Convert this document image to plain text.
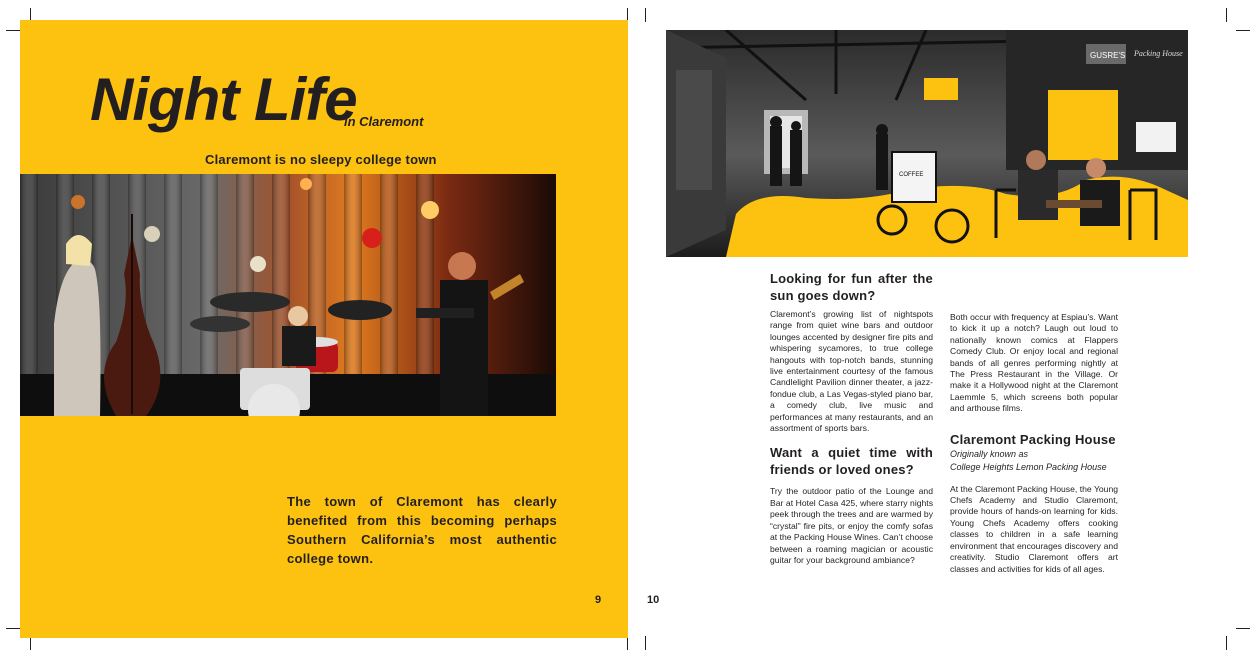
Night Life
in Claremont
Claremont is no sleepy college town
The town of Claremont has clearly benefited from this becoming perhaps Southern California’s most authentic college town.
9
GUSRE'S Packing House
COFFEE
Looking for fun after the sun goes down?

Claremont’s growing list of nightspots range from quiet wine bars and outdoor lounges accented by designer fire pits and whispering sycamores, to true college hangouts with top-notch bands, stunning live entertainment courtesy of the famous Candlelight Pavilion dinner theater, a jazz-fondue club, a Las Vegas-styled piano bar, a comedy club, live music and performances at many restaurants, and an assortment of sports bars.

Want a quiet time with friends or loved ones?

Try the outdoor patio of the Lounge and Bar at Hotel Casa 425, where starry nights peek through the trees and are warmed by “crystal” fire pits, or enjoy the comfy sofas at the Packing House Wines. Can’t choose between a roaming magician or acoustic guitar for your background ambiance?

Both occur with frequency at Espiau’s. Want to kick it up a notch? Laugh out loud to nationally known comics at Flappers Comedy Club. Or enjoy local and regional bands of all genres performing nightly at The Press Restaurant in the Village. Or make it a Hollywood night at the Claremont Laemmle 5, which screens both popular and arthouse films.

Claremont Packing House
Originally known as
College Heights Lemon Packing House

At the Claremont Packing House, the Young Chefs Academy and Studio Claremont, provide hours of hands-on learning for kids. Young Chefs Academy offers cooking classes to children in a safe learning environment that encourages discovery and creativity. Studio Claremont offers art classes and activities for kids of all ages.

10
